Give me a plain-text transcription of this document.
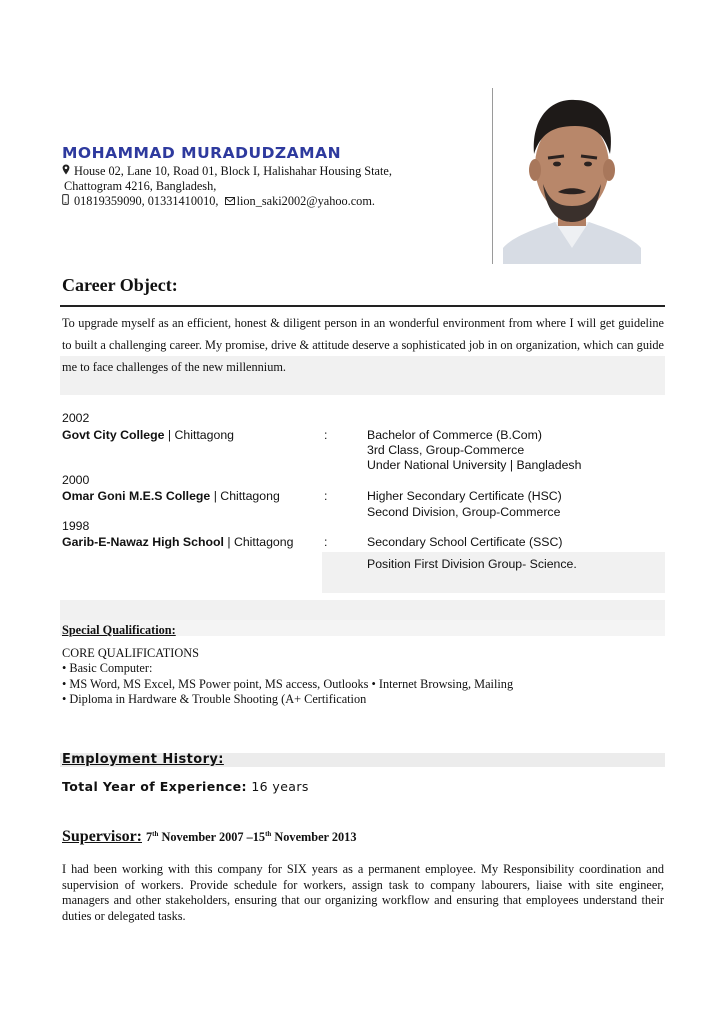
MOHAMMAD MURADUDZAMAN
House 02, Lane 10, Road 01, Block I, Halishahar Housing State,
Chattogram 4216, Bangladesh,
01819359090, 01331410010, lion_saki2002@yahoo.com.
Career Object:

To upgrade myself as an efficient, honest & diligent person in an wonderful environment from where I will get guideline to built a challenging career. My promise, drive & attitude deserve a sophisticated job in on organization, which can guide me to face challenges of the new millennium.

2002
Govt City College | Chittagong	:	Bachelor of Commerce (B.Com)
3rd Class, Group-Commerce
Under National University | Bangladesh
2000
Omar Goni M.E.S College | Chittagong	:	Higher Secondary Certificate (HSC)
Second Division, Group-Commerce
1998
Garib-E-Nawaz High School | Chittagong :	Secondary School Certificate (SSC)
Position First Division Group- Science.
Special Qualification:
CORE QUALIFICATIONS
• Basic Computer:
• MS Word, MS Excel, MS Power point, MS access, Outlooks • Internet Browsing, Mailing
• Diploma in Hardware & Trouble Shooting (A+ Certification
Employment History:
Total Year of Experience: 16 years
Supervisor: 7th November 2007 –15th November 2013

I had been working with this company for SIX years as a permanent employee. My Responsibility coordination and supervision of workers. Provide schedule for workers, assign task to company labourers, liaise with site engineer, managers and other stakeholders, ensuring that our organizing workflow and ensuring that employees understand their duties or delegated tasks.
